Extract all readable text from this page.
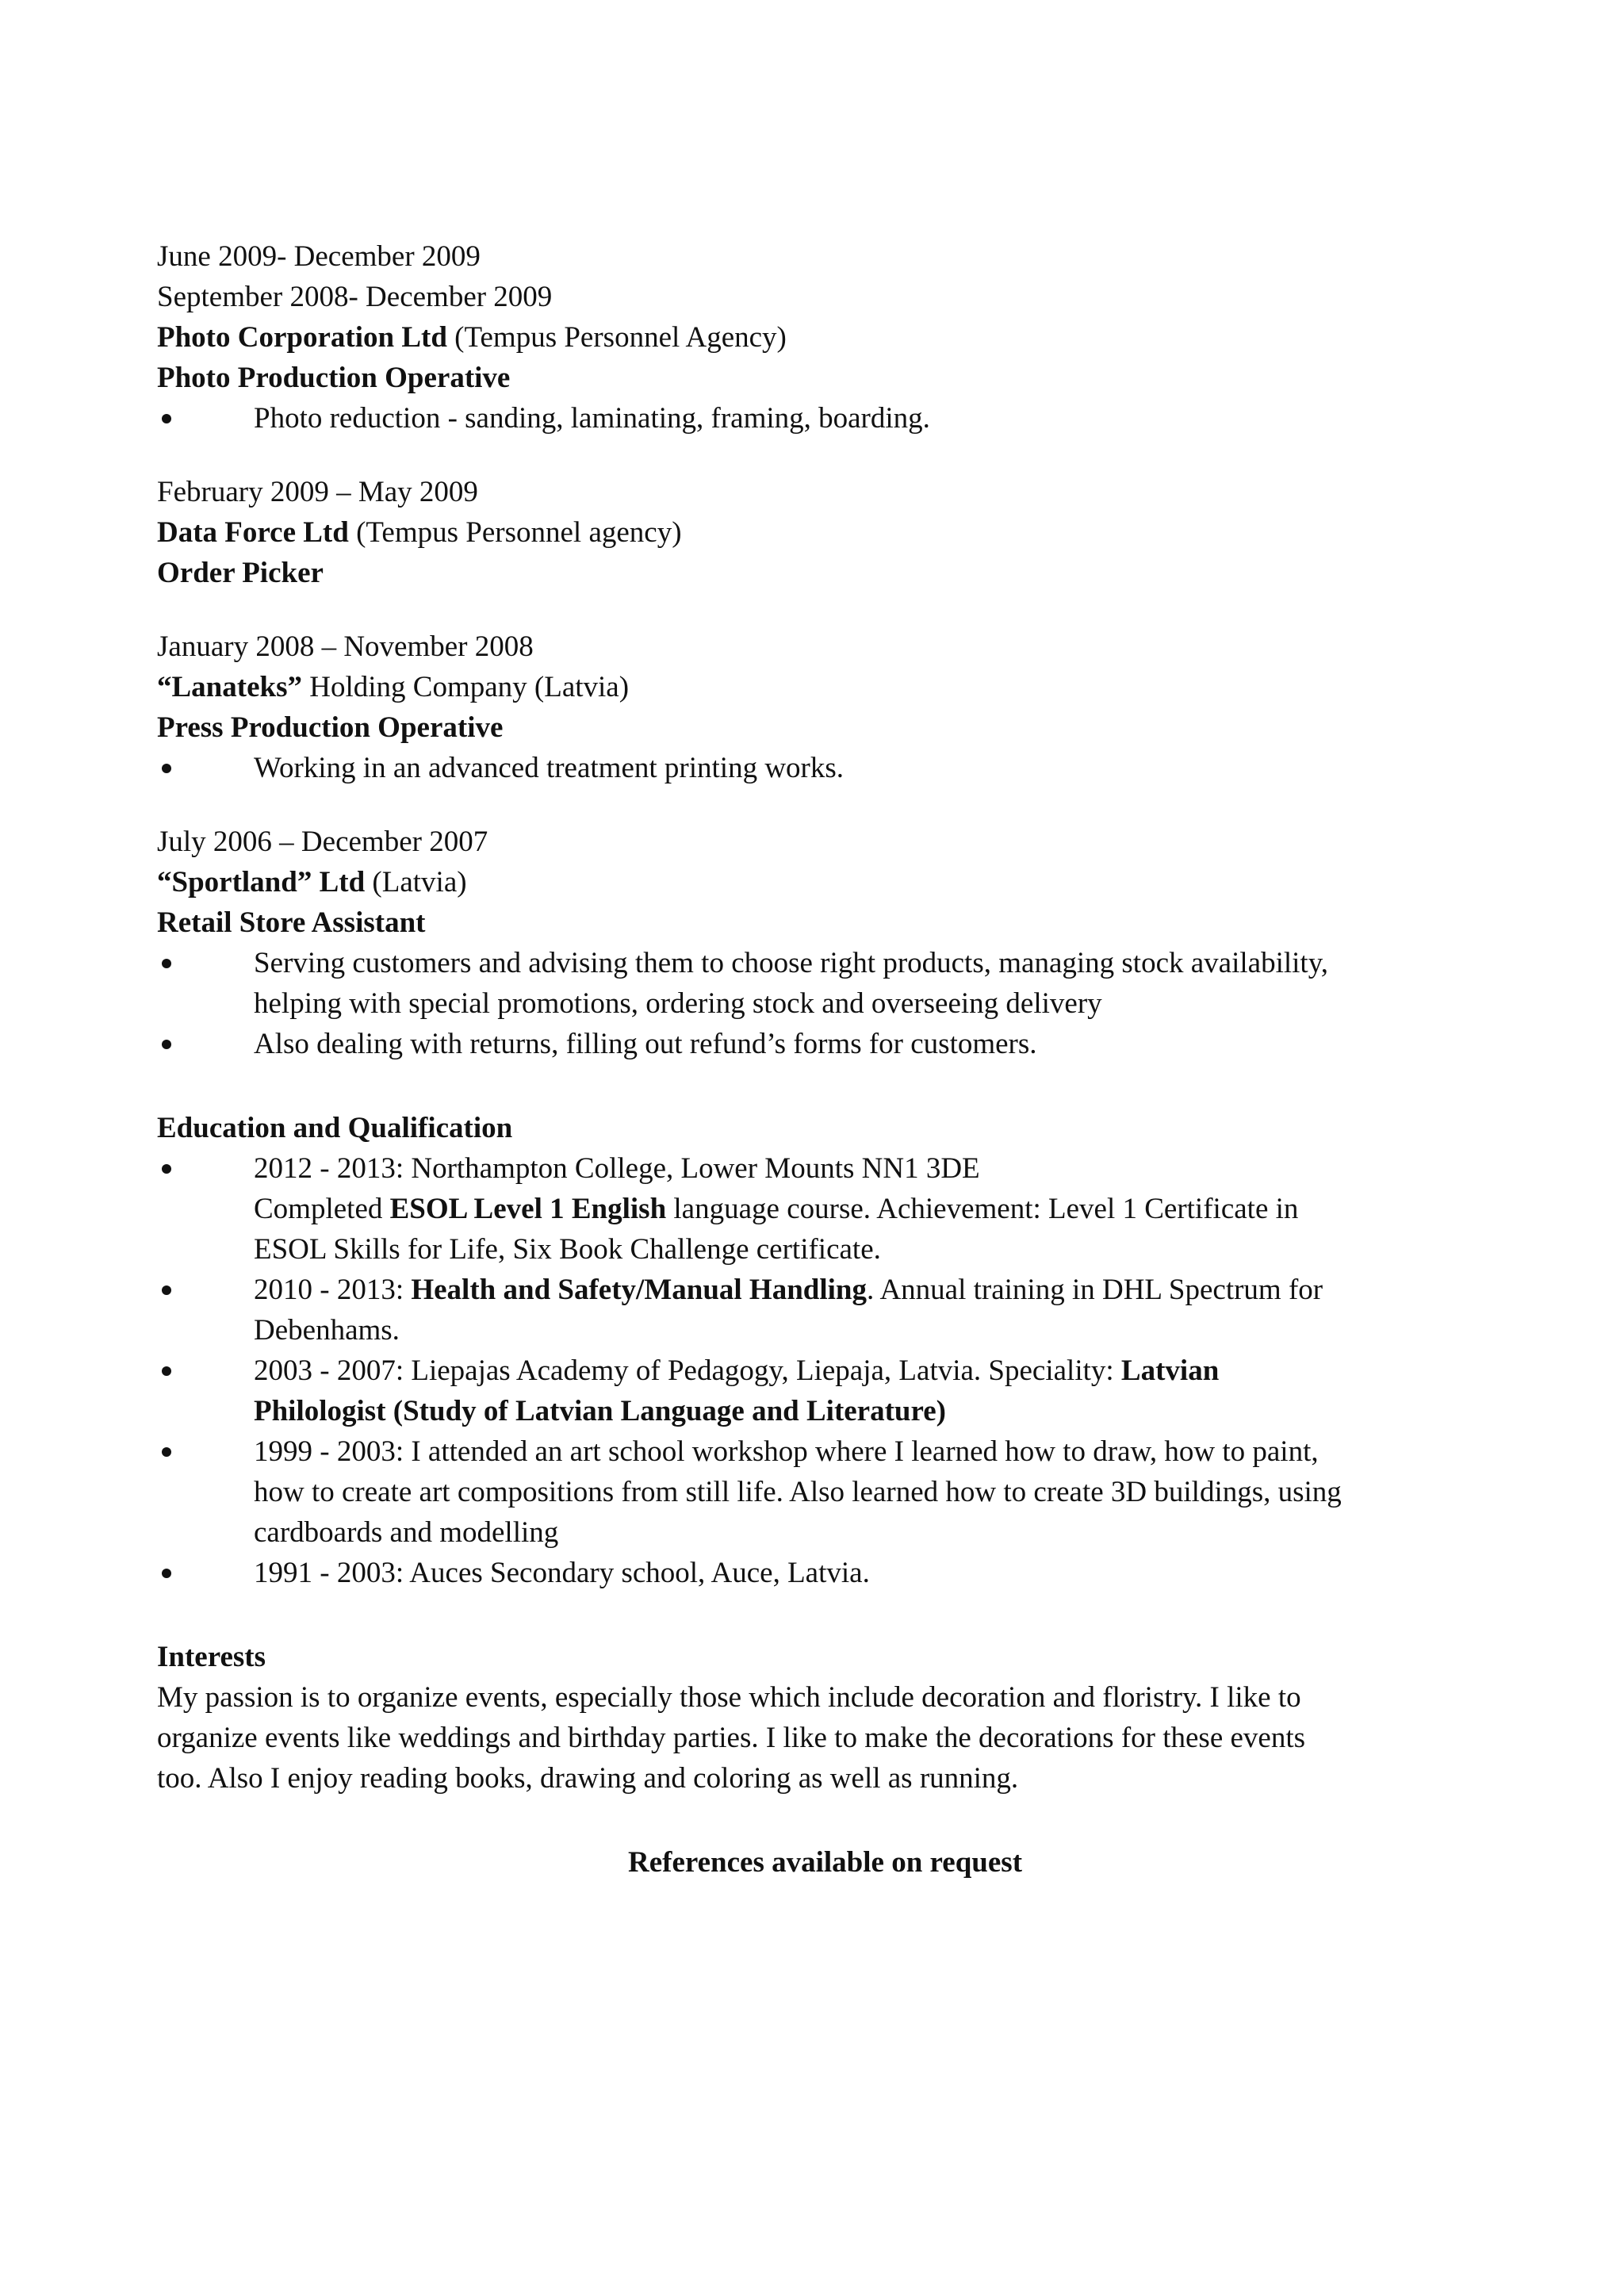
June 2009- December 2009
September 2008- December 2009
Photo Corporation Ltd (Tempus Personnel Agency)
Photo Production Operative
Photo reduction - sanding, laminating, framing, boarding.
February 2009 – May 2009
Data Force Ltd (Tempus Personnel agency)
Order Picker
January 2008 – November 2008
“Lanateks” Holding Company (Latvia)
Press Production Operative
Working in an advanced treatment printing works.
July 2006 – December 2007
“Sportland” Ltd (Latvia)
Retail Store Assistant
Serving customers and advising them to choose right products, managing stock availability,
helping with special promotions, ordering stock and overseeing delivery
Also dealing with returns, filling out refund’s forms for customers.
Education and Qualification
2012 - 2013: Northampton College, Lower Mounts NN1 3DE
Completed ESOL Level 1 English language course. Achievement: Level 1 Certificate in
ESOL Skills for Life, Six Book Challenge certificate.
2010 - 2013: Health and Safety/Manual Handling. Annual training in DHL Spectrum for
Debenhams.
2003 - 2007: Liepajas Academy of Pedagogy, Liepaja, Latvia. Speciality: Latvian
Philologist (Study of Latvian Language and Literature)
1999 - 2003: I attended an art school workshop where I learned how to draw, how to paint,
how to create art compositions from still life. Also learned how to create 3D buildings, using
cardboards and modelling
1991 - 2003: Auces Secondary school, Auce, Latvia.
Interests
My passion is to organize events, especially those which include decoration and floristry. I like to
organize events like weddings and birthday parties. I like to make the decorations for these events
too. Also I enjoy reading books, drawing and coloring as well as running.
References available on request
